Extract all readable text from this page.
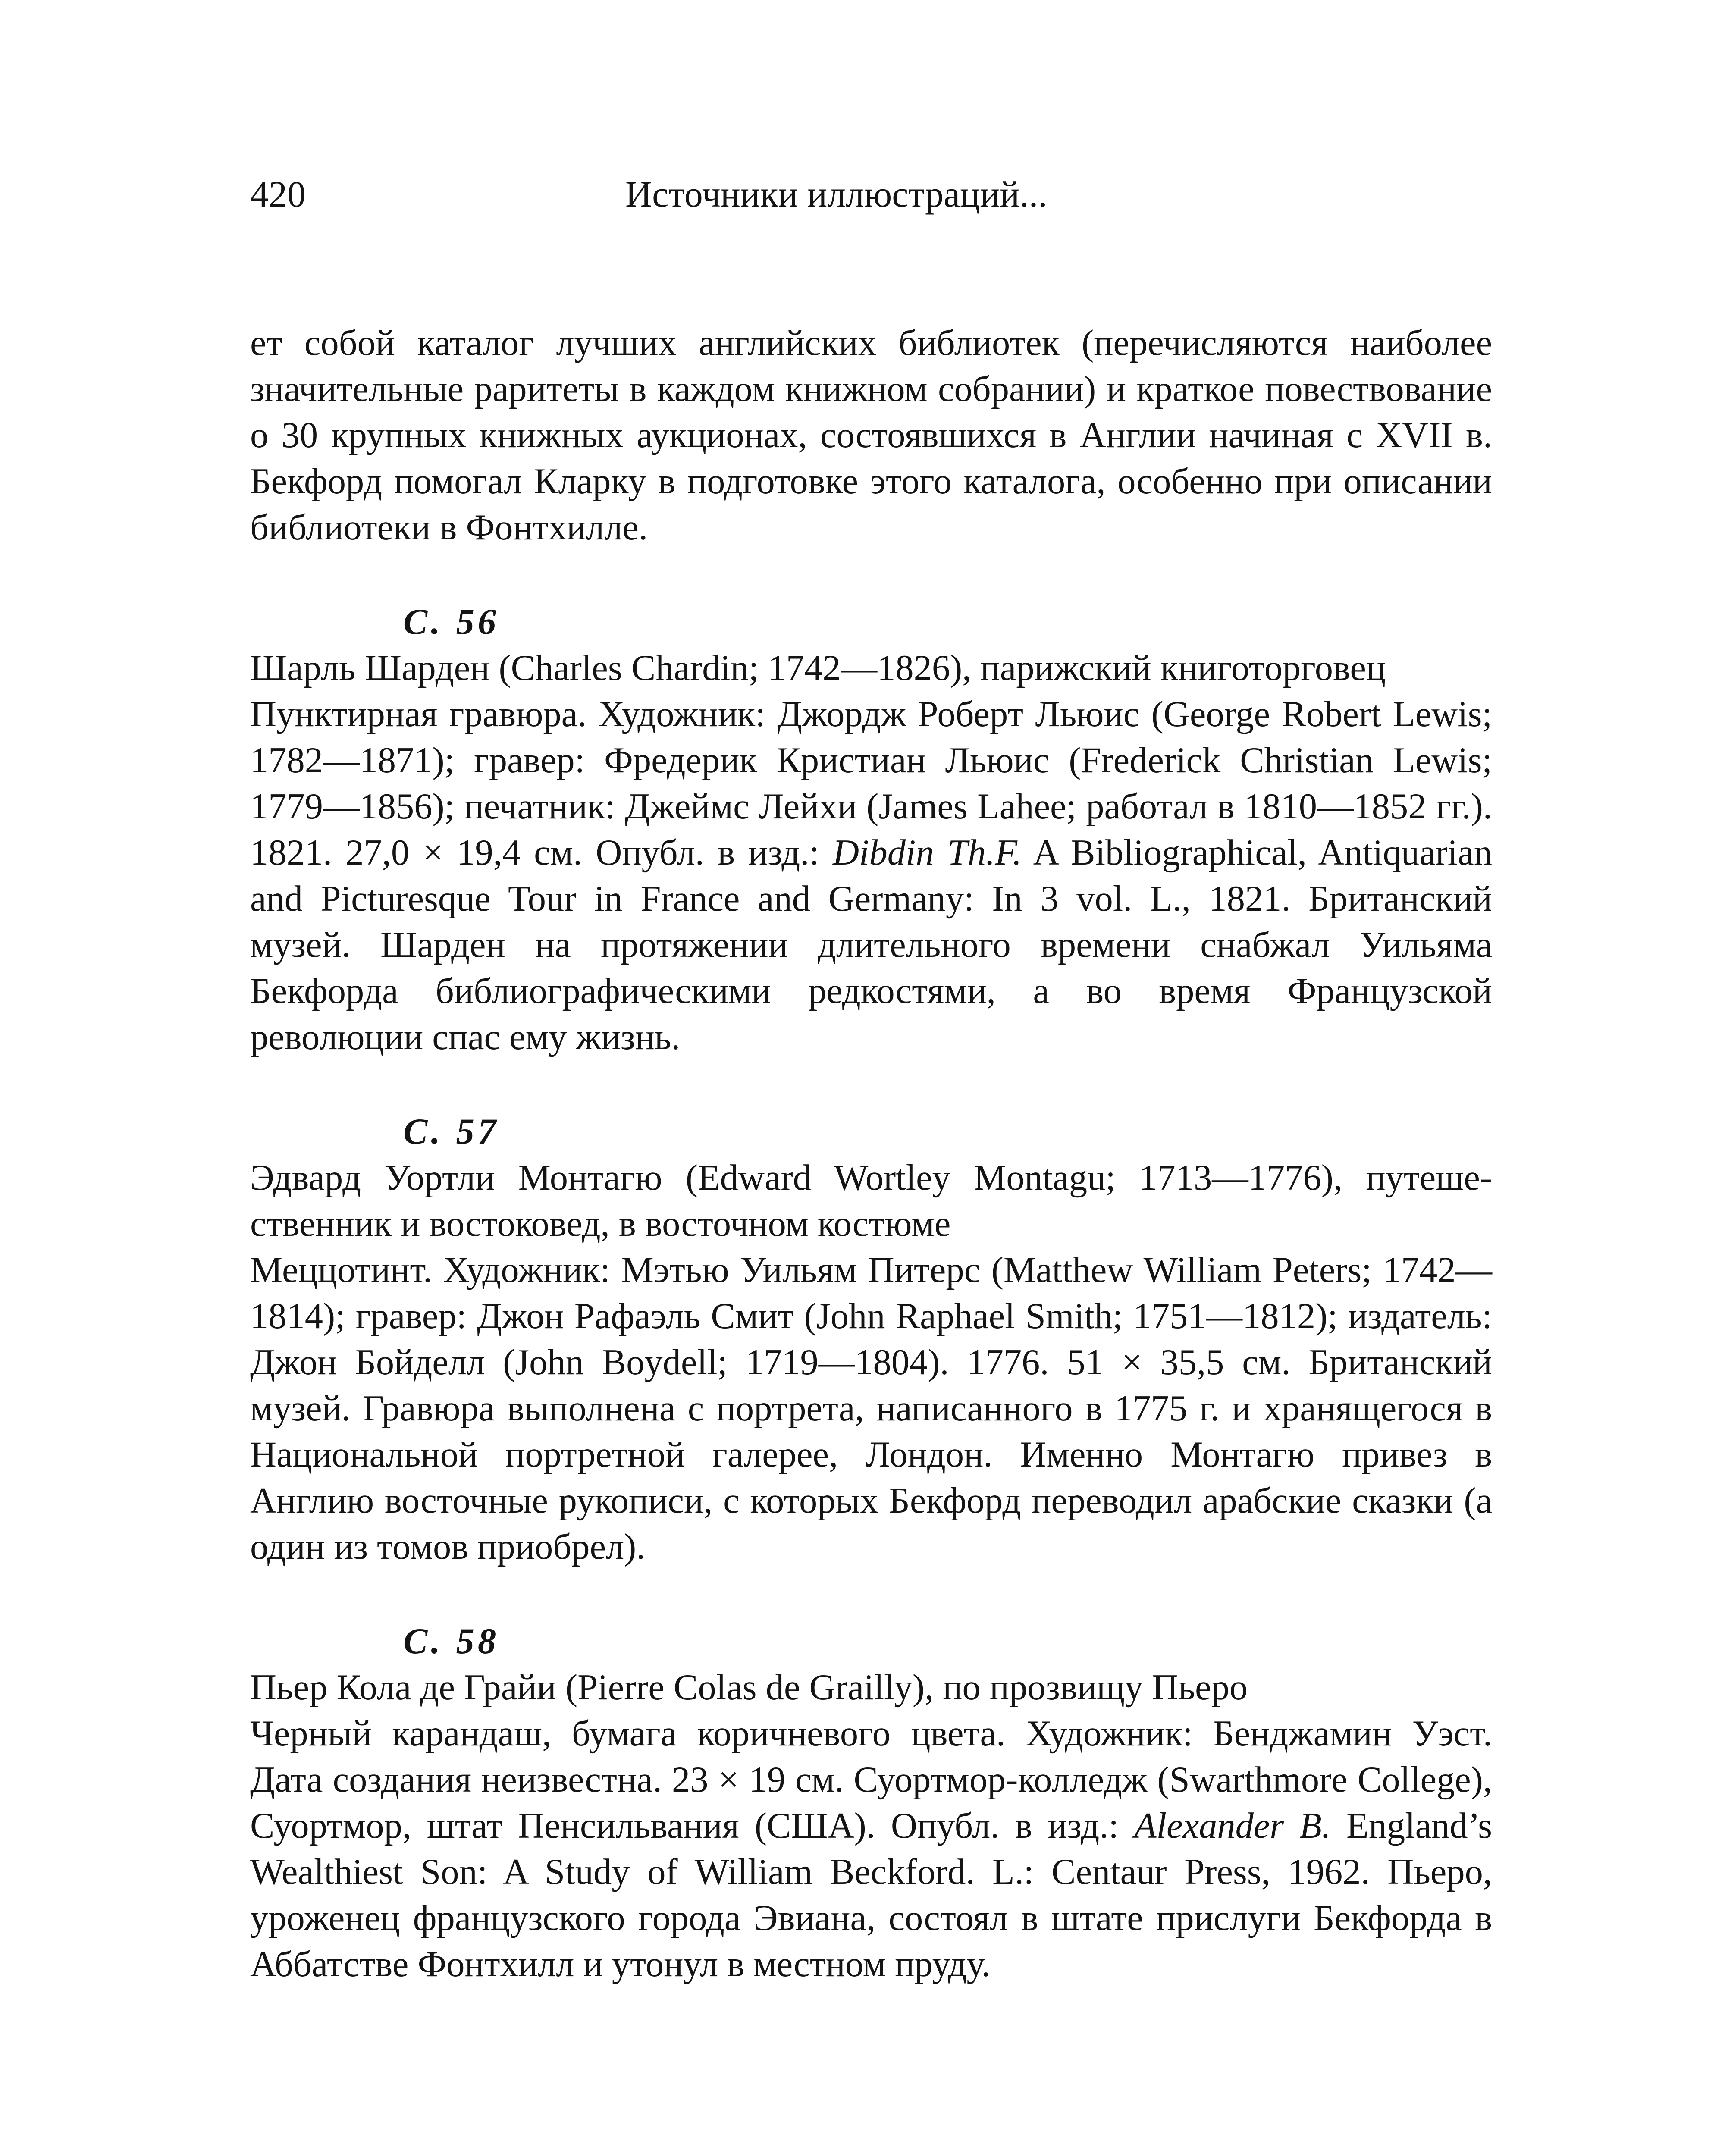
420	Источники иллюстраций...

ет собой каталог лучших английских библиотек (перечисляются наиболее значительные раритеты в каждом книжном собрании) и краткое повествование о 30 крупных книжных аукционах, состоявшихся в Англии начиная с XVII в. Бекфорд помогал Кларку в подготовке этого каталога, особенно при описании библиотеки в Фонтхилле.

С. 56

Шарль Шарден (Charles Chardin; 1742—1826), парижский книготорговец

Пунктирная гравюра. Художник: Джордж Роберт Льюис (George Robert Lewis; 1782—1871); гравер: Фредерик Кристиан Льюис (Frederick Christian Lewis; 1779—1856); печатник: Джеймс Лейхи (James Lahee; работал в 1810—1852 гг.). 1821. 27,0 × 19,4 см. Опубл. в изд.: Dibdin Th.F. A Bibliographical, Antiquarian and Picturesque Tour in France and Germany: In 3 vol. L., 1821. Британский музей. Шарден на протяжении длительного времени снабжал Уильяма Бекфорда библиографическими редкостями, а во время Французской революции спас ему жизнь.

С. 57

Эдвард Уортли Монтагю (Edward Wortley Montagu; 1713—1776), путешественник и востоковед, в восточном костюме

Меццотинт. Художник: Мэтью Уильям Питерс (Matthew William Peters; 1742—1814); гравер: Джон Рафаэль Смит (John Raphael Smith; 1751—1812); издатель: Джон Бойделл (John Boydell; 1719—1804). 1776. 51 × 35,5 см. Британский музей. Гравюра выполнена с портрета, написанного в 1775 г. и хранящегося в Национальной портретной галерее, Лондон. Именно Монтагю привез в Англию восточные рукописи, с которых Бекфорд переводил арабские сказки (а один из томов приобрел).

С. 58

Пьер Кола де Грайи (Pierre Colas de Grailly), по прозвищу Пьеро

Черный карандаш, бумага коричневого цвета. Художник: Бенджамин Уэст. Дата создания неизвестна. 23 × 19 см. Суортмор-колледж (Swarthmore College), Суортмор, штат Пенсильвания (США). Опубл. в изд.: Alexander B. England’s Wealthiest Son: A Study of William Beckford. L.: Centaur Press, 1962. Пьеро, уроженец французского города Эвиана, состоял в штате прислуги Бекфорда в Аббатстве Фонтхилл и утонул в местном пруду.
